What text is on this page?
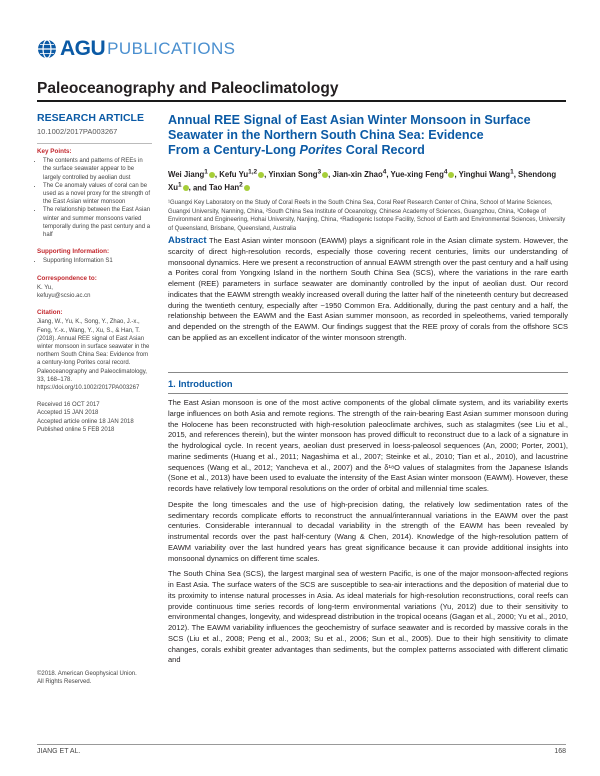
AGU PUBLICATIONS
Paleoceanography and Paleoclimatology
RESEARCH ARTICLE
10.1002/2017PA003267
Key Points:
• The contents and patterns of REEs in the surface seawater appear to be largely controlled by aeolian dust
• The Ce anomaly values of coral can be used as a novel proxy for the strength of the East Asian winter monsoon
• The relationship between the East Asian winter and summer monsoons varied temporally during the past century and a half
Supporting Information:
• Supporting Information S1
Correspondence to:

K. Yu,

kefuyu@scsio.ac.cn

Citation:

Jiang, W., Yu, K., Song, Y., Zhao, J.-x., Feng, Y.-x., Wang, Y., Xu, S., & Han, T. (2018). Annual REE signal of East Asian winter monsoon in surface seawater in the northern South China Sea: Evidence from a century-long Porites coral record. Paleoceanography and Paleoclimatology, 33, 168–178. https://doi.org/10.1002/2017PA003267

Received 16 OCT 2017

Accepted 15 JAN 2018

Accepted article online 18 JAN 2018

Published online 5 FEB 2018

©2018. American Geophysical Union.
All Rights Reserved.
Annual REE Signal of East Asian Winter Monsoon in Surface
Seawater in the Northern South China Sea: Evidence
From a Century-Long Porites Coral Record
Wei Jiang$^1$ , Kefu Yu$^{1,2}$ , Yinxian Song$^3$ , Jian-xin Zhao$^4$, Yue-xing Feng$^4$ , Yinghui Wang$^1$, Shendong Xu$^1$ , and Tao Han$^2$
¹Guangxi Key Laboratory on the Study of Coral Reefs in the South China Sea, Coral Reef Research Center of China, School of Marine Sciences, Guangxi University, Nanning, China, ²South China Sea Institute of Oceanology, Chinese Academy of Sciences, Guangzhou, China, ³College of Environment and Engineering, Hohai University, Nanjing, China, ⁴Radiogenic Isotope Facility, School of Earth and Environmental Sciences, University of Queensland, Brisbane, Queensland, Australia
Abstract The East Asian winter monsoon (EAWM) plays a significant role in the Asian climate system. However, the scarcity of direct high-resolution records, especially those covering recent centuries, limits our understanding of monsoonal dynamics. Here we present a reconstruction of annual EAWM strength over the past century and a half using a Porites coral from Yongxing Island in the northern South China Sea (SCS), where the variations in the rare earth element (REE) parameters in surface seawater are dominantly controlled by the input of aeolian dust. Our record indicates that the EAWM strength weakly increased overall during the latter half of the nineteenth century but decreased during the twentieth century, especially after ~1950 Common Era. Additionally, during the past century and a half, the relationship between the EAWM and the East Asian summer monsoon, as recorded in speleothems, varied temporally and depended on the strength of the EAWM. Our findings suggest that the REE proxy of corals from the offshore SCS can be applied as an excellent indicator of the winter monsoon strength.
1. Introduction

The East Asian monsoon is one of the most active components of the global climate system, and its variability exerts large influences on both Asia and remote regions. The strength of the rain-bearing East Asian summer monsoon during the Holocene has been reconstructed with high-resolution paleoclimate archives, such as stalagmites (see Liu et al., 2015, and references therein), but the winter monsoon has proved difficult to reconstruct due to a lack of a signature in the hydrological cycle. In recent years, aeolian dust preserved in loess-paleosol sequences (An, 2000; Porter, 2001), marine sediments (Huang et al., 2011; Nagashima et al., 2007; Steinke et al., 2010; Tian et al., 2010), and lacustrine sequences (Wang et al., 2012; Yancheva et al., 2007) and the δ¹⁸O values of stalagmites from the Japanese Islands (Sone et al., 2013) have been used to evaluate the intensity of the East Asian winter monsoon (EAWM). However, these records have relatively low temporal resolutions on the order of orbital and millennial time scales.

Despite the long timescales and the use of high-precision dating, the relatively low sedimentation rates of the sedimentary records complicate efforts to reconstruct the annual/interannual variations in the EAWM over the past centuries. Considerable interannual to decadal variability in the strength of the EAWM has been revealed by instrumental records over the past half-century (Wang & Chen, 2014). Knowledge of the high-resolution pattern of EAWM variability over the last hundred years has great significance because it can provide additional insights into monsoonal dynamics on different time scales.

The South China Sea (SCS), the largest marginal sea of western Pacific, is one of the major monsoon-affected regions in East Asia. The surface waters of the SCS are susceptible to sea-air interactions and the deposition of material due to its proximity to intense natural processes in Asia. As ideal materials for high-resolution reconstructions, coral reefs can provide continuous time series records of long-term environmental variations (Yu, 2012) due to their sensitivity to environmental changes, longevity, and widespread distribution in the tropical oceans (Gagan et al., 2000; Yu et al., 2010, 2012). The EAWM variability influences the geochemistry of surface seawater and is recorded by massive corals in the SCS (Liu et al., 2008; Peng et al., 2003; Su et al., 2006; Sun et al., 2005). Due to their high sensitivity to climate changes, corals exhibit greater advantages than sediments, but the complex patterns associated with different climatic and

JIANG ET AL.	168
